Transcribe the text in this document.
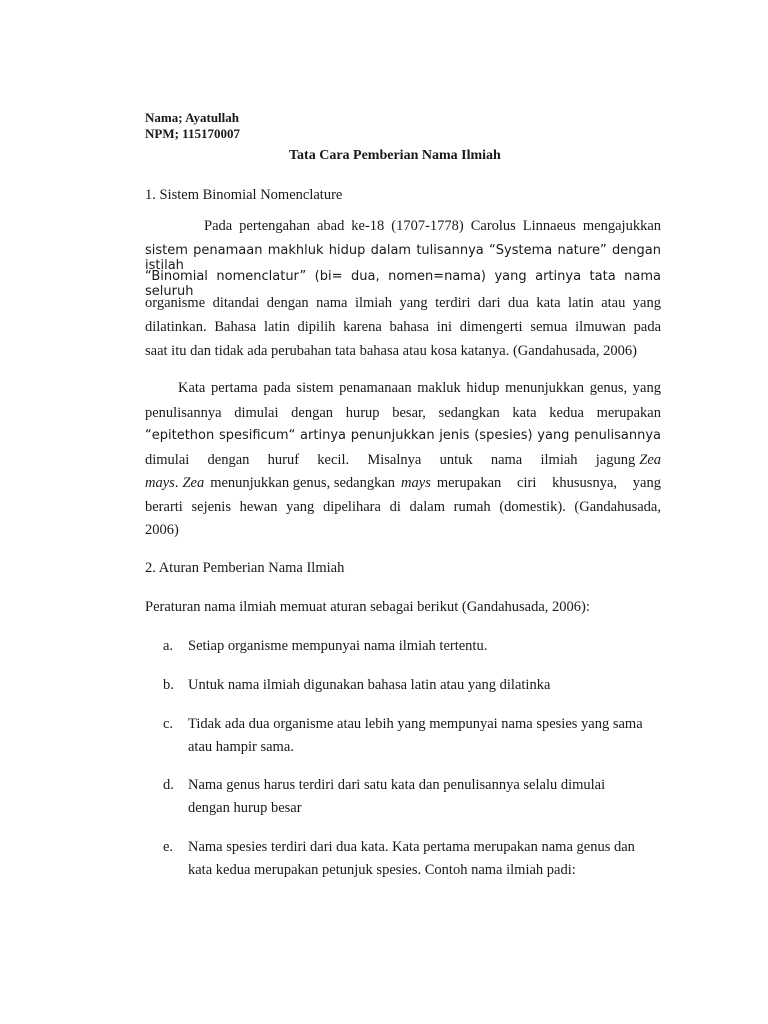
Nama; Ayatullah
NPM; 115170007
Tata Cara Pemberian Nama Ilmiah
1. Sistem Binomial Nomenclature
Pada pertengahan abad ke-18 (1707-1778) Carolus Linnaeus mengajukkan
sistem penamaan makhluk hidup dalam tulisannya “Systema nature” dengan istilah
“Binomial nomenclatur” (bi= dua, nomen=nama) yang artinya tata nama seluruh
organisme ditandai dengan nama ilmiah yang terdiri dari dua kata latin atau yang
dilatinkan. Bahasa latin dipilih karena bahasa ini dimengerti semua ilmuwan pada
saat itu dan tidak ada perubahan tata bahasa atau kosa katanya. (Gandahusada, 2006)
Kata pertama pada sistem penamanaan makluk hidup menunjukkan genus, yang
penulisannya dimulai dengan hurup besar, sedangkan kata kedua merupakan
“epitethon spesificum“ artinya penunjukkan jenis (spesies) yang penulisannya
dimulai dengan huruf kecil. Misalnya untuk nama ilmiah jagung Zea
mays . Zea menunjukkan genus, sedangkan mays merupakan ciri khususnya, yang
berarti sejenis hewan yang dipelihara di dalam rumah (domestik). (Gandahusada,
2006)
2. Aturan Pemberian Nama Ilmiah
Peraturan nama ilmiah memuat aturan sebagai berikut (Gandahusada, 2006):
a. Setiap organisme mempunyai nama ilmiah tertentu.
b. Untuk nama ilmiah digunakan bahasa latin atau yang dilatinka
c. Tidak ada dua organisme atau lebih yang mempunyai nama spesies yang sama
atau hampir sama.
d. Nama genus harus terdiri dari satu kata dan penulisannya selalu dimulai
dengan hurup besar
e. Nama spesies terdiri dari dua kata. Kata pertama merupakan nama genus dan
kata kedua merupakan petunjuk spesies. Contoh nama ilmiah padi:
